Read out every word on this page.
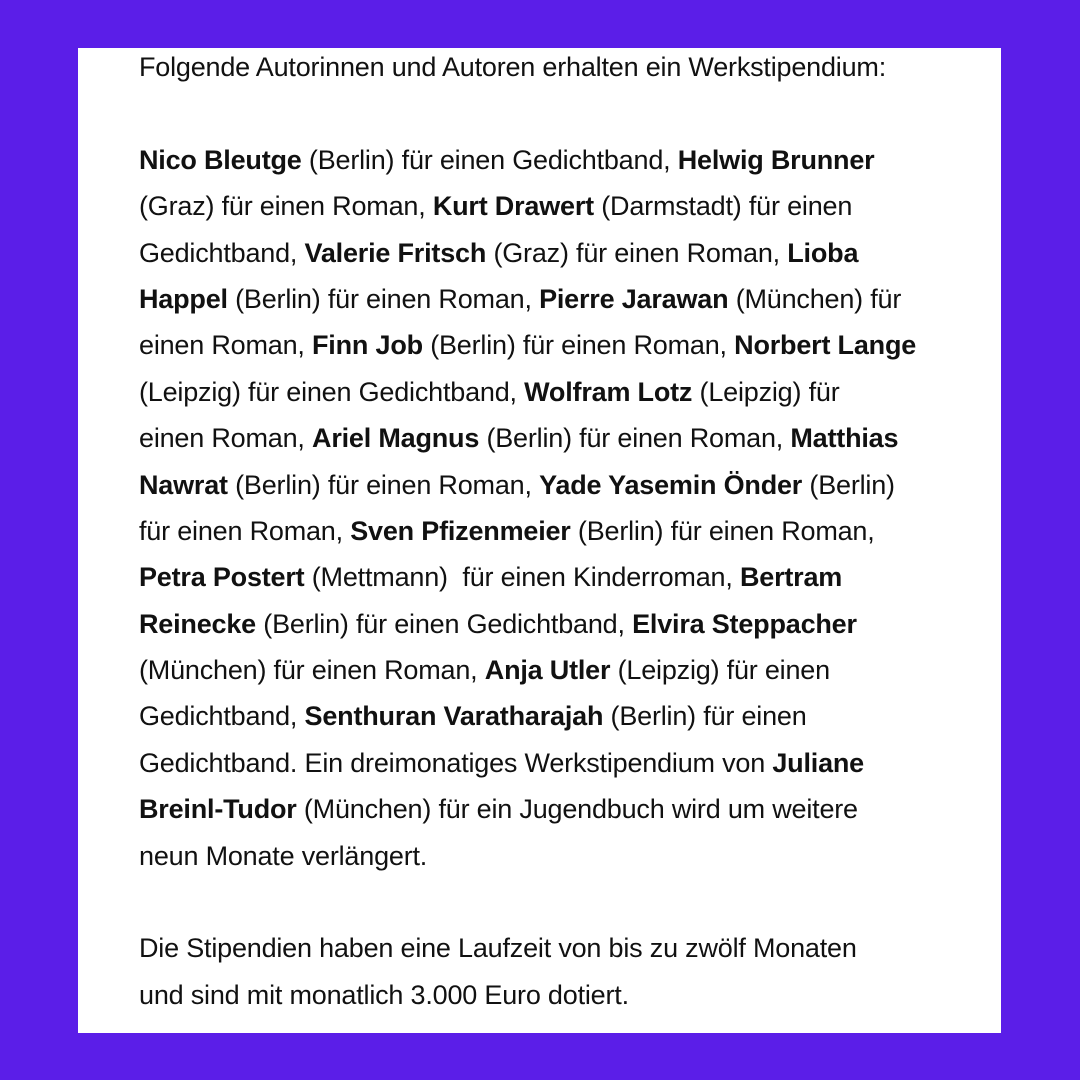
Folgende Autorinnen und Autoren erhalten ein Werkstipendium:
Nico Bleutge (Berlin) für einen Gedichtband, Helwig Brunner
(Graz) für einen Roman, Kurt Drawert (Darmstadt) für einen
Gedichtband, Valerie Fritsch (Graz) für einen Roman, Lioba
Happel (Berlin) für einen Roman, Pierre Jarawan (München) für
einen Roman, Finn Job (Berlin) für einen Roman, Norbert Lange
(Leipzig) für einen Gedichtband, Wolfram Lotz (Leipzig) für
einen Roman, Ariel Magnus (Berlin) für einen Roman, Matthias
Nawrat (Berlin) für einen Roman, Yade Yasemin Önder (Berlin)
für einen Roman, Sven Pfizenmeier (Berlin) für einen Roman,
Petra Postert (Mettmann)  für einen Kinderroman, Bertram
Reinecke (Berlin) für einen Gedichtband, Elvira Steppacher
(München) für einen Roman, Anja Utler (Leipzig) für einen
Gedichtband, Senthuran Varatharajah (Berlin) für einen
Gedichtband. Ein dreimonatiges Werkstipendium von Juliane
Breinl-Tudor (München) für ein Jugendbuch wird um weitere
neun Monate verlängert.
Die Stipendien haben eine Laufzeit von bis zu zwölf Monaten
und sind mit monatlich 3.000 Euro dotiert.
